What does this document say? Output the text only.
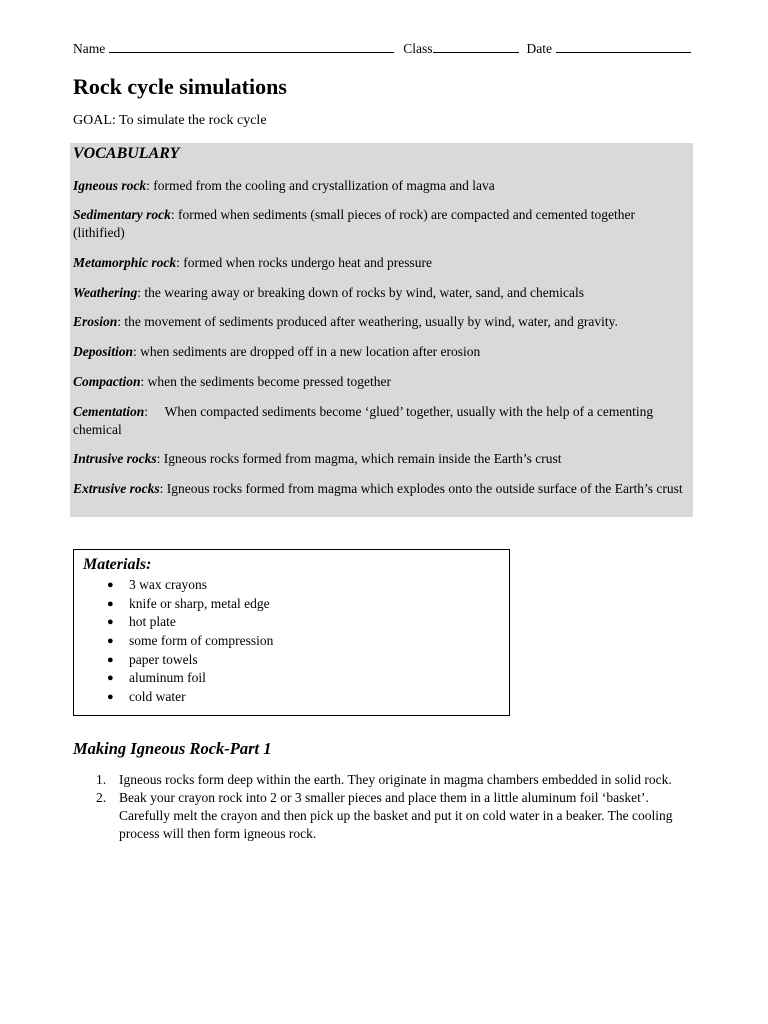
Name	Class	Date
Rock cycle simulations
GOAL: To simulate the rock cycle
VOCABULARY
Igneous rock: formed from the cooling and crystallization of magma and lava
Sedimentary rock: formed when sediments (small pieces of rock) are compacted and cemented together (lithified)
Metamorphic rock: formed when rocks undergo heat and pressure
Weathering: the wearing away or breaking down of rocks by wind, water, sand, and chemicals
Erosion: the movement of sediments produced after weathering, usually by wind, water, and gravity.
Deposition: when sediments are dropped off in a new location after erosion
Compaction: when the sediments become pressed together
Cementation:     When compacted sediments become ‘glued’ together, usually with the help of a cementing chemical
Intrusive rocks: Igneous rocks formed from magma, which remain inside the Earth’s crust
Extrusive rocks: Igneous rocks formed from magma which explodes onto the outside surface of the Earth’s crust
Materials:
● 3 wax crayons
● knife or sharp, metal edge
● hot plate
● some form of compression
● paper towels
● aluminum foil
● cold water
Making Igneous Rock-Part 1
1. Igneous rocks form deep within the earth. They originate in magma chambers embedded in solid rock.
2. Beak your crayon rock into 2 or 3 smaller pieces and place them in a little aluminum foil ‘basket’. Carefully melt the crayon and then pick up the basket and put it on cold water in a beaker. The cooling process will then form igneous rock.
